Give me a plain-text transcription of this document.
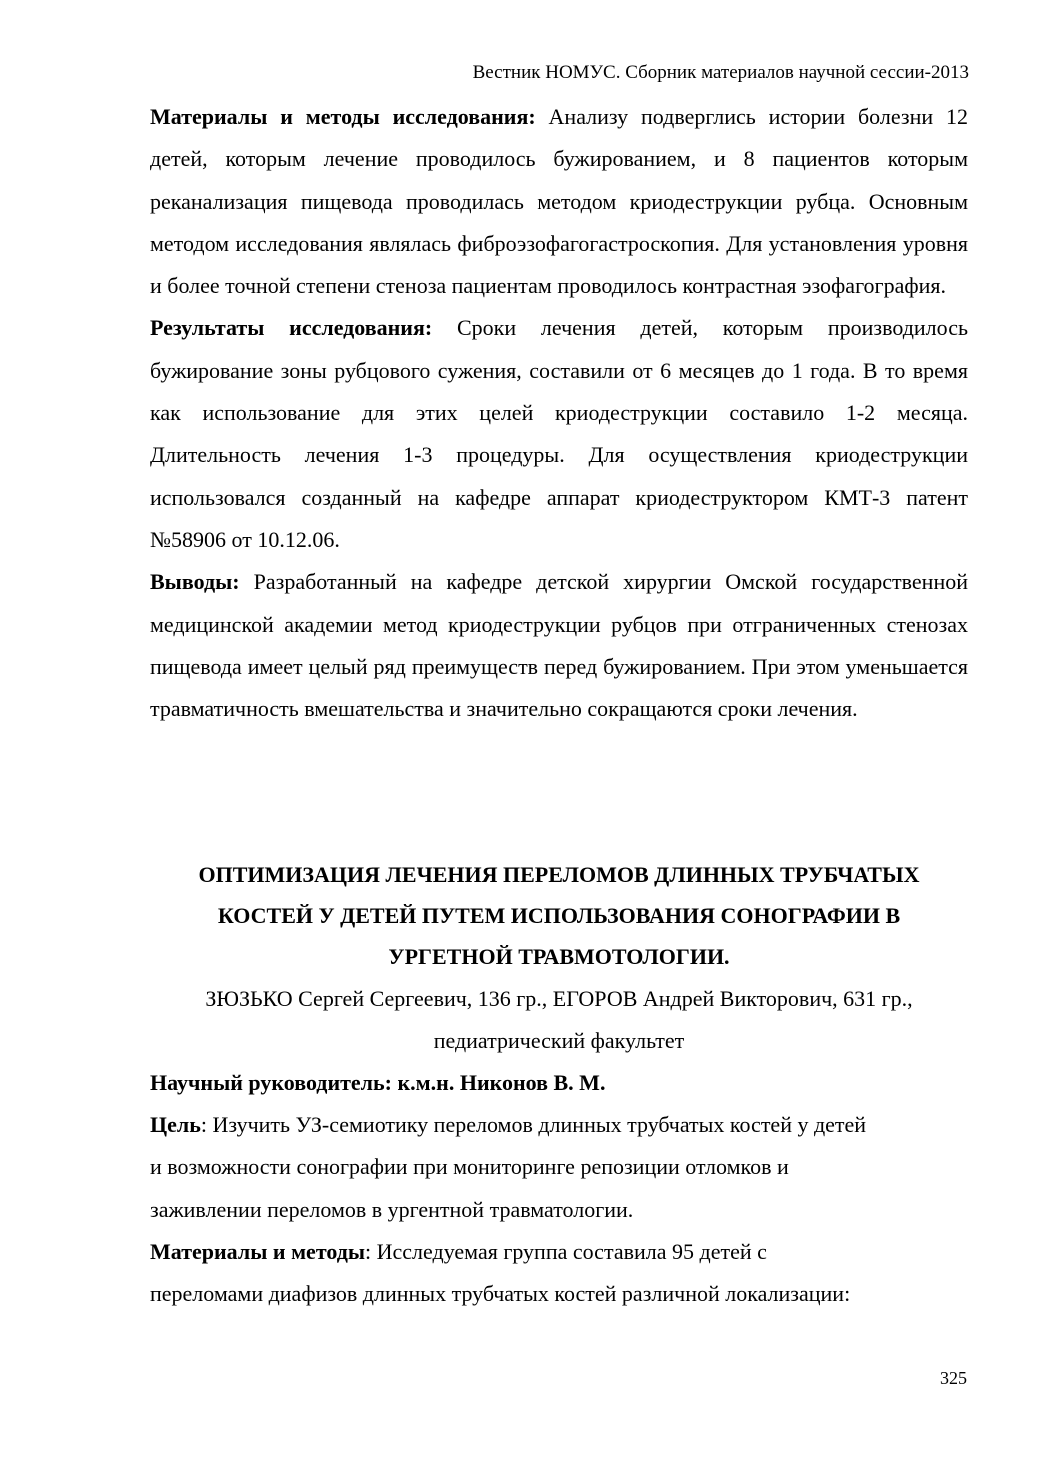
Вестник НОМУС. Сборник материалов научной сессии-2013

Материалы и методы исследования: Анализу подверглись истории болезни 12 детей, которым лечение проводилось бужированием, и 8 пациентов которым реканализация пищевода проводилась методом криодеструкции рубца. Основным методом исследования являлась фиброэзофагогастроскопия. Для установления уровня и более точной степени стеноза пациентам проводилось контрастная эзофагография.

Результаты исследования: Сроки лечения детей, которым производилось бужирование зоны рубцового сужения, составили от 6 месяцев до 1 года. В то время как использование для этих целей криодеструкции составило 1-2 месяца. Длительность лечения 1-3 процедуры. Для осуществления криодеструкции использовался созданный на кафедре аппарат криодеструктором КМТ-3 патент №58906 от 10.12.06.

Выводы: Разработанный на кафедре детской хирургии Омской государственной медицинской академии метод криодеструкции рубцов при отграниченных стенозах пищевода имеет целый ряд преимуществ перед бужированием. При этом уменьшается травматичность вмешательства и значительно сокращаются сроки лечения.

ОПТИМИЗАЦИЯ ЛЕЧЕНИЯ ПЕРЕЛОМОВ ДЛИННЫХ ТРУБЧАТЫХ
КОСТЕЙ У ДЕТЕЙ ПУТЕМ ИСПОЛЬЗОВАНИЯ СОНОГРАФИИ В
УРГЕТНОЙ ТРАВМОТОЛОГИИ.

ЗЮЗЬКО Сергей Сергеевич, 136 гр., ЕГОРОВ Андрей Викторович, 631 гр.,
педиатрический факультет

Научный руководитель: к.м.н. Никонов В. М.

Цель: Изучить УЗ-семиотику переломов длинных трубчатых костей у детей
и возможности сонографии при мониторинге репозиции отломков и
заживлении переломов в ургентной травматологии.

Материалы и методы: Исследуемая группа составила 95 детей с
переломами диафизов длинных трубчатых костей различной локализации:

325
